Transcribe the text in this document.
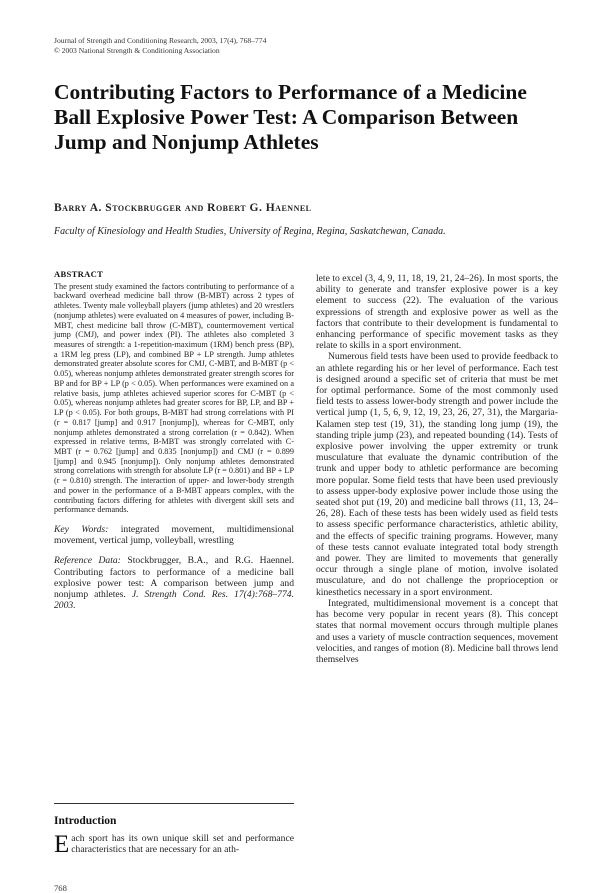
Journal of Strength and Conditioning Research, 2003, 17(4), 768–774
© 2003 National Strength & Conditioning Association
Contributing Factors to Performance of a Medicine Ball Explosive Power Test: A Comparison Between Jump and Nonjump Athletes
Barry A. Stockbrugger and Robert G. Haennel
Faculty of Kinesiology and Health Studies, University of Regina, Regina, Saskatchewan, Canada.
ABSTRACT

The present study examined the factors contributing to performance of a backward overhead medicine ball throw (B-MBT) across 2 types of athletes. Twenty male volleyball players (jump athletes) and 20 wrestlers (nonjump athletes) were evaluated on 4 measures of power, including B-MBT, chest medicine ball throw (C-MBT), countermovement vertical jump (CMJ), and power index (PI). The athletes also completed 3 measures of strength: a 1-repetition-maximum (1RM) bench press (BP), a 1RM leg press (LP), and combined BP + LP strength. Jump athletes demonstrated greater absolute scores for CMJ, C-MBT, and B-MBT (p < 0.05), whereas nonjump athletes demonstrated greater strength scores for BP and for BP + LP (p < 0.05). When performances were examined on a relative basis, jump athletes achieved superior scores for C-MBT (p < 0.05), whereas nonjump athletes had greater scores for BP, LP, and BP + LP (p < 0.05). For both groups, B-MBT had strong correlations with PI (r = 0.817 [jump] and 0.917 [nonjump]), whereas for C-MBT, only nonjump athletes demonstrated a strong correlation (r = 0.842). When expressed in relative terms, B-MBT was strongly correlated with C-MBT (r = 0.762 [jump] and 0.835 [nonjump]) and CMJ (r = 0.899 [jump] and 0.945 [nonjump]). Only nonjump athletes demonstrated strong correlations with strength for absolute LP (r = 0.801) and BP + LP (r = 0.810) strength. The interaction of upper- and lower-body strength and power in the performance of a B-MBT appears complex, with the contributing factors differing for athletes with divergent skill sets and performance demands.

Key Words: integrated movement, multidimensional movement, vertical jump, volleyball, wrestling
Reference Data: Stockbrugger, B.A., and R.G. Haennel. Contributing factors to performance of a medicine ball explosive power test: A comparison between jump and nonjump athletes. J. Strength Cond. Res. 17(4):768–774. 2003.
Introduction
Each sport has its own unique skill set and performance characteristics that are necessary for an ath-

lete to excel (3, 4, 9, 11, 18, 19, 21, 24–26). In most sports, the ability to generate and transfer explosive power is a key element to success (22). The evaluation of the various expressions of strength and explosive power as well as the factors that contribute to their development is fundamental to enhancing performance of specific movement tasks as they relate to skills in a sport environment.

Numerous field tests have been used to provide feedback to an athlete regarding his or her level of performance. Each test is designed around a specific set of criteria that must be met for optimal performance. Some of the most commonly used field tests to assess lower-body strength and power include the vertical jump (1, 5, 6, 9, 12, 19, 23, 26, 27, 31), the Margaria-Kalamen step test (19, 31), the standing long jump (19), the standing triple jump (23), and repeated bounding (14). Tests of explosive power involving the upper extremity or trunk musculature that evaluate the dynamic contribution of the trunk and upper body to athletic performance are becoming more popular. Some field tests that have been used previously to assess upper-body explosive power include those using the seated shot put (19, 20) and medicine ball throws (11, 13, 24–26, 28). Each of these tests has been widely used as field tests to assess specific performance characteristics, athletic ability, and the effects of specific training programs. However, many of these tests cannot evaluate integrated total body strength and power. They are limited to movements that generally occur through a single plane of motion, involve isolated musculature, and do not challenge the proprioception or kinesthetics necessary in a sport environment.

Integrated, multidimensional movement is a concept that has become very popular in recent years (8). This concept states that normal movement occurs through multiple planes and uses a variety of muscle contraction sequences, movement velocities, and ranges of motion (8). Medicine ball throws lend themselves

768
